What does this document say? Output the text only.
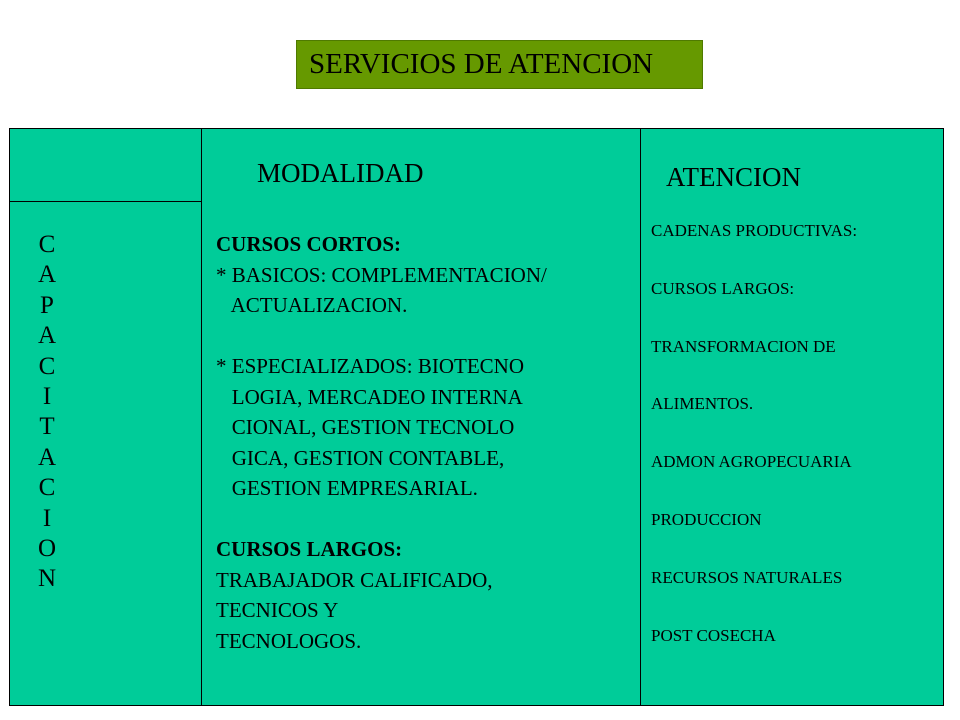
SERVICIOS DE ATENCION
MODALIDAD	ATENCION
C
A
P
A
C
I
T
A
C
I
O
N
CURSOS CORTOS:
* BASICOS: COMPLEMENTACION/
ACTUALIZACION.
* ESPECIALIZADOS: BIOTECNO
LOGIA, MERCADEO INTERNA
CIONAL, GESTION TECNOLO
GICA, GESTION CONTABLE,
GESTION EMPRESARIAL.
CURSOS LARGOS:
TRABAJADOR CALIFICADO,
TECNICOS Y
TECNOLOGOS.
CADENAS PRODUCTIVAS:
CURSOS LARGOS:
TRANSFORMACION DE
ALIMENTOS.
ADMON AGROPECUARIA
PRODUCCION
RECURSOS NATURALES
POST COSECHA
